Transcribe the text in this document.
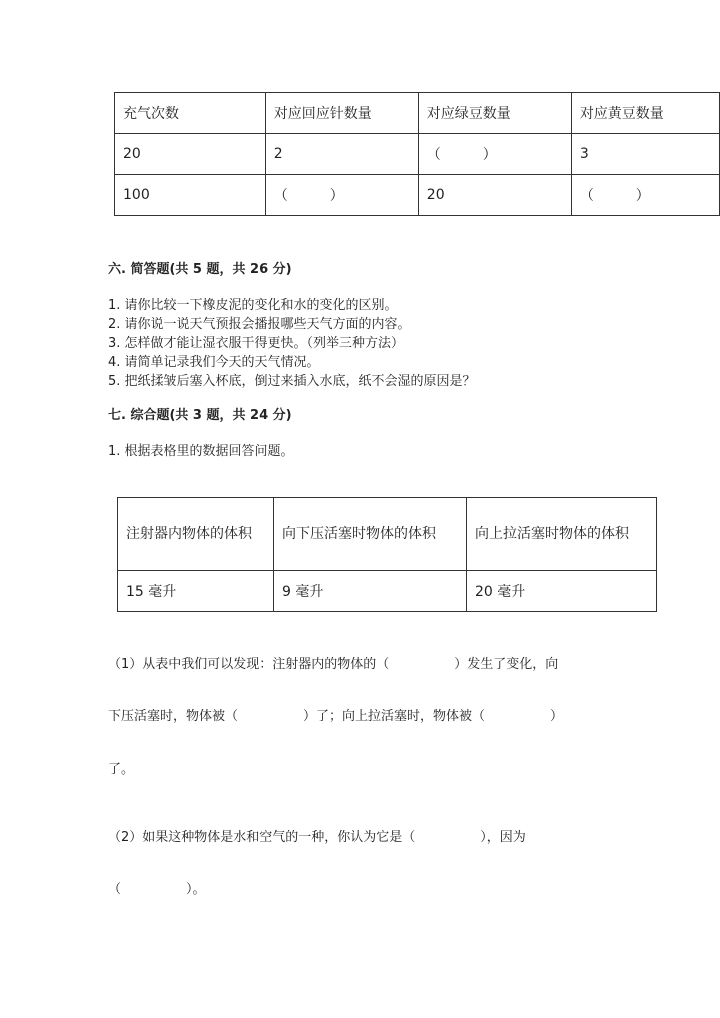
充气次数	对应回应针数量	对应绿豆数量	对应黄豆数量
20	2	（　　　）	3
100	（　　　）	20	（　　　）
六. 简答题(共 5 题，共 26 分)
1. 请你比较一下橡皮泥的变化和水的变化的区别。
2. 请你说一说天气预报会播报哪些天气方面的内容。
3. 怎样做才能让湿衣服干得更快。（列举三种方法）
4. 请简单记录我们今天的天气情况。
5. 把纸揉皱后塞入杯底，倒过来插入水底，纸不会湿的原因是？
七. 综合题(共 3 题，共 24 分)
1. 根据表格里的数据回答问题。
注射器内物体的体积	向下压活塞时物体的体积	向上拉活塞时物体的体积
15 毫升	9 毫升	20 毫升
（1）从表中我们可以发现：注射器内的物体的（　　　　　）发生了变化，向
下压活塞时，物体被（　　　　　）了；向上拉活塞时，物体被（　　　　　）
了。
（2）如果这种物体是水和空气的一种，你认为它是（　　　　　），因为
（　　　　　）。
